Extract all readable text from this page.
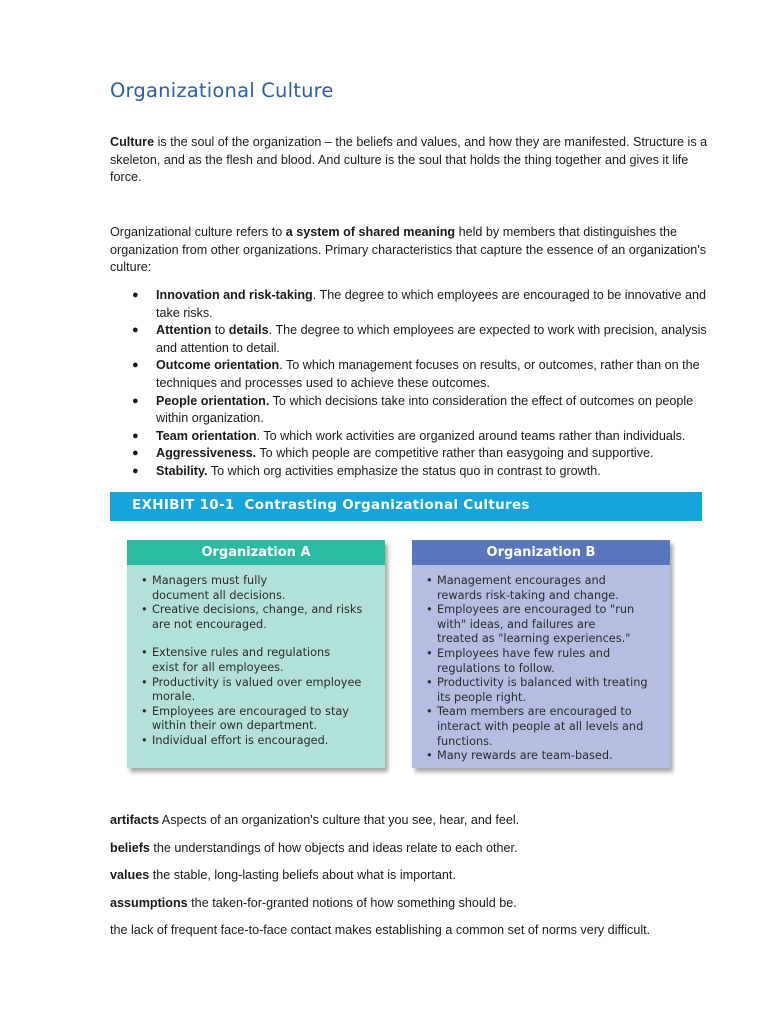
Organizational Culture

Culture is the soul of the organization – the beliefs and values, and how they are manifested. Structure is a skeleton, and as the flesh and blood. And culture is the soul that holds the thing together and gives it life force.

Organizational culture refers to a system of shared meaning held by members that distinguishes the organization from other organizations. Primary characteristics that capture the essence of an organization's culture:

● Innovation and risk-taking. The degree to which employees are encouraged to be innovative and take risks.
● Attention to details. The degree to which employees are expected to work with precision, analysis and attention to detail.
● Outcome orientation. To which management focuses on results, or outcomes, rather than on the techniques and processes used to achieve these outcomes.
● People orientation. To which decisions take into consideration the effect of outcomes on people within organization.
● Team orientation. To which work activities are organized around teams rather than individuals.
● Aggressiveness. To which people are competitive rather than easygoing and supportive.
● Stability. To which org activities emphasize the status quo in contrast to growth.
EXHIBIT 10-1  Contrasting Organizational Cultures
Organization A
• Managers must fully document all decisions.
• Creative decisions, change, and risks are not encouraged.
• Extensive rules and regulations exist for all employees.
• Productivity is valued over employee morale.
• Employees are encouraged to stay within their own department.
• Individual effort is encouraged.
Organization B
• Management encourages and rewards risk-taking and change.
• Employees are encouraged to "run with" ideas, and failures are treated as "learning experiences."
• Employees have few rules and regulations to follow.
• Productivity is balanced with treating its people right.
• Team members are encouraged to interact with people at all levels and functions.
• Many rewards are team-based.

artifacts Aspects of an organization's culture that you see, hear, and feel.

beliefs the understandings of how objects and ideas relate to each other.

values the stable, long-lasting beliefs about what is important.

assumptions the taken-for-granted notions of how something should be.

the lack of frequent face-to-face contact makes establishing a common set of norms very difficult.
